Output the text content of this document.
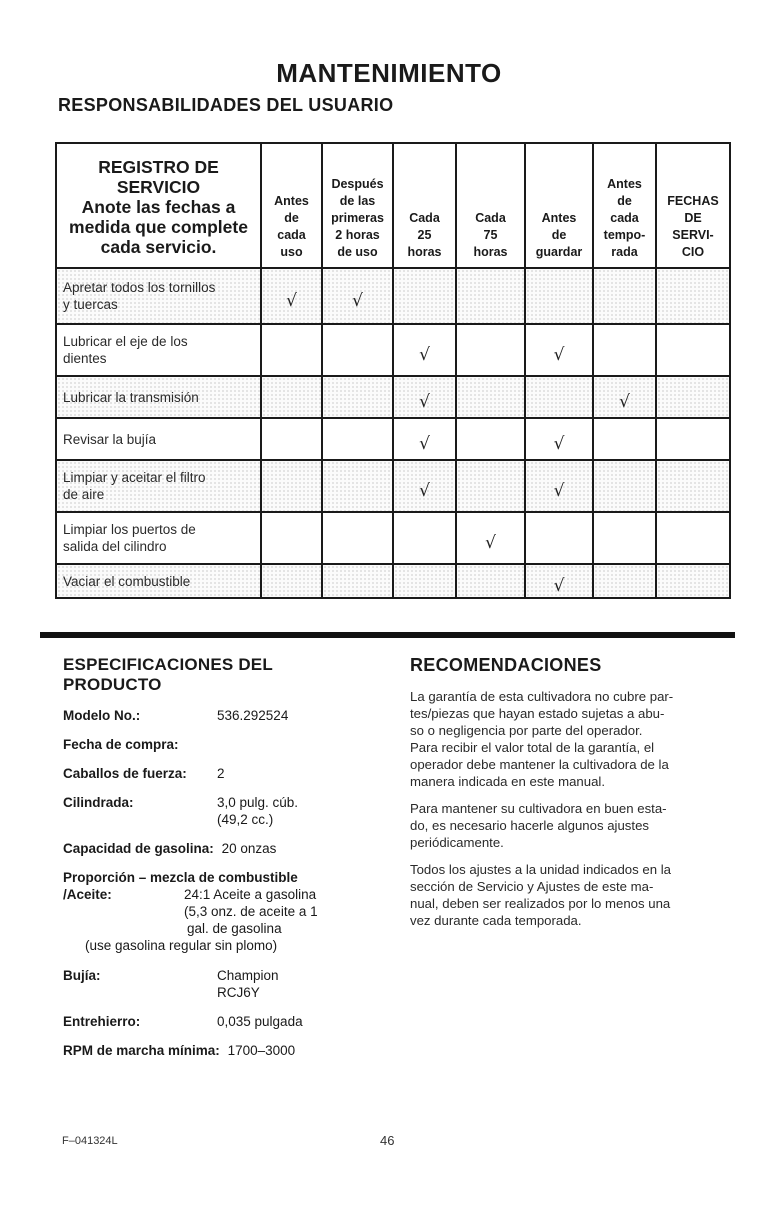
MANTENIMIENTO
RESPONSABILIDADES DEL USUARIO
REGISTRO DE
SERVICIO
Anote las fechas a
medida que complete
cada servicio.	Antes
de
cada
uso	Después
de las
primeras
2 horas
de uso	Cada
25
horas	Cada
75
horas	Antes
de
guardar	Antes
de
cada
tempo-
rada	FECHAS
DE
SERVI-
CIO

Apretar todos los tornillos
y tuercas	√	√					

Lubricar el eje de los
dientes			√		√		

Lubricar la transmisión			√			√	

Revisar la bujía			√		√		

Limpiar y aceitar el filtro
de aire			√		√		

Limpiar los puertos de
salida del cilindro				√			

Vaciar el combustible					√		

ESPECIFICACIONES DEL PRODUCTO
Modelo No.:	536.292524
Fecha de compra:
Caballos de fuerza: 2
Cilindrada:	3,0 pulg. cúb.
(49,2 cc.)
Capacidad de gasolina: 20 onzas
Proporción – mezcla de combustible
/Aceite:	24:1 Aceite a gasolina
(5,3 onz. de aceite a 1
gal. de gasolina
(use gasolina regular sin plomo)
Bujía:	Champion
RCJ6Y
Entrehierro:	0,035 pulgada
RPM de marcha mínima: 1700–3000
RECOMENDACIONES

La garantía de esta cultivadora no cubre par-
tes/piezas que hayan estado sujetas a abu-
so o negligencia por parte del operador.
Para recibir el valor total de la garantía, el
operador debe mantener la cultivadora de la
manera indicada en este manual.

Para mantener su cultivadora en buen esta-
do, es necesario hacerle algunos ajustes
periódicamente.

Todos los ajustes a la unidad indicados en la
sección de Servicio y Ajustes de este ma-
nual, deben ser realizados por lo menos una
vez durante cada temporada.

F–041324L	46
